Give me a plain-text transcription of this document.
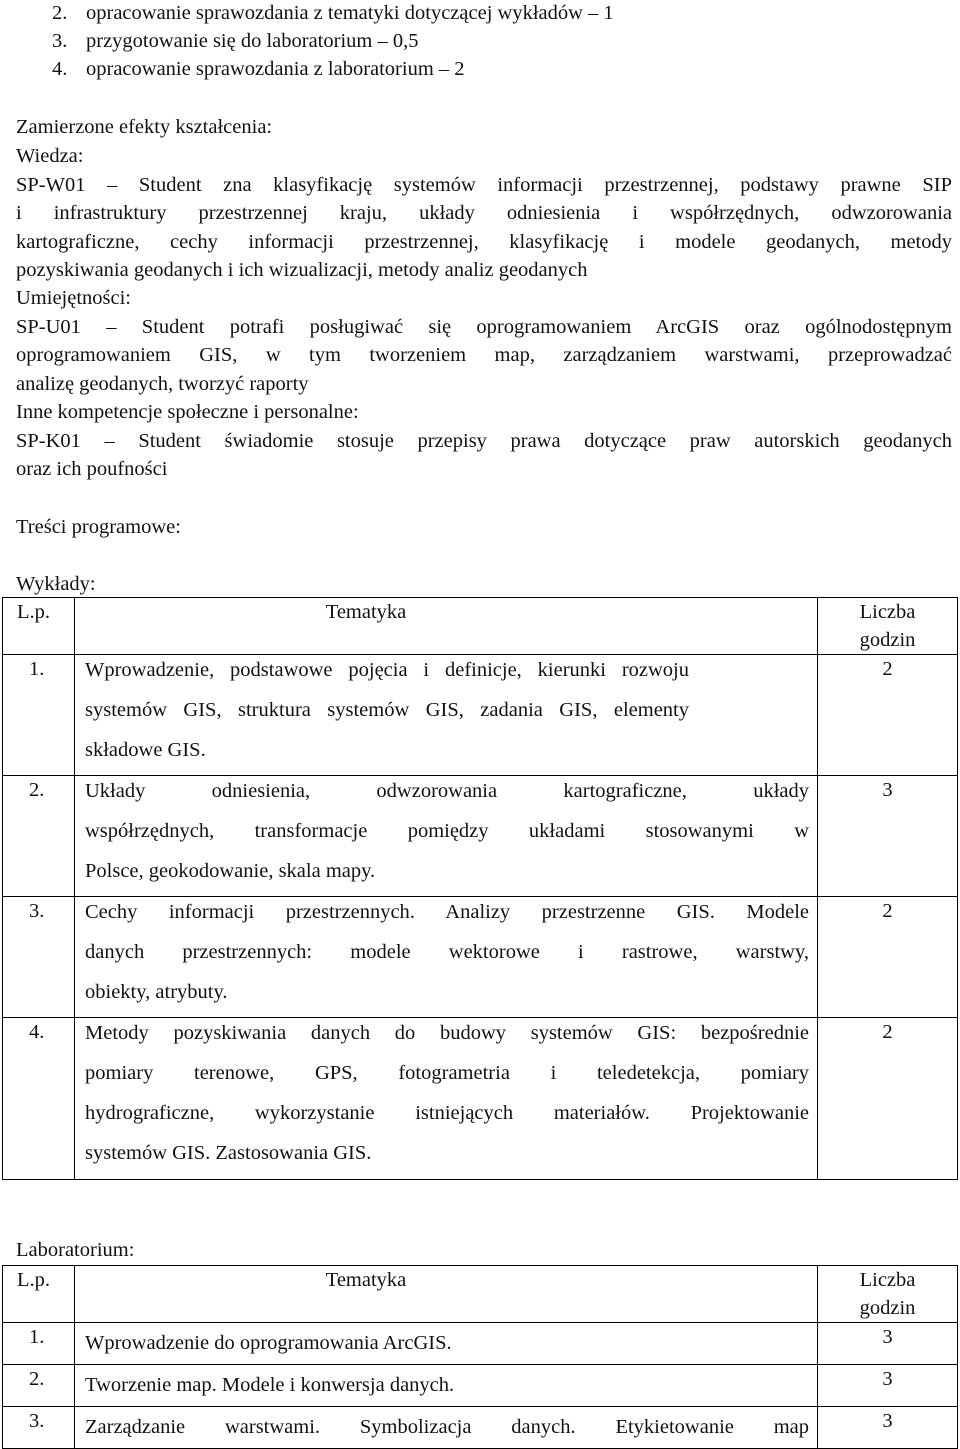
2. opracowanie sprawozdania z tematyki dotyczącej wykładów – 1
3. przygotowanie się do laboratorium – 0,5
4. opracowanie sprawozdania z laboratorium – 2
Zamierzone efekty kształcenia:
Wiedza:
SP-W01 – Student zna klasyfikację systemów informacji przestrzennej, podstawy prawne SIP
i infrastruktury przestrzennej kraju, układy odniesienia i współrzędnych, odwzorowania
kartograficzne, cechy informacji przestrzennej, klasyfikację i modele geodanych, metody
pozyskiwania geodanych i ich wizualizacji, metody analiz geodanych
Umiejętności:
SP-U01 – Student potrafi posługiwać się oprogramowaniem ArcGIS oraz ogólnodostępnym
oprogramowaniem GIS, w tym tworzeniem map, zarządzaniem warstwami, przeprowadzać
analizę geodanych, tworzyć raporty
Inne kompetencje społeczne i personalne:
SP-K01 – Student świadomie stosuje przepisy prawa dotyczące praw autorskich geodanych
oraz ich poufności
Treści programowe:
Wykłady:
L.p.	Tematyka	Liczba
godzin

1.	Wprowadzenie, podstawowe pojęcia i definicje, kierunki rozwoju
systemów GIS, struktura systemów GIS, zadania GIS, elementy
składowe GIS.	2
2.	Układy odniesienia, odwzorowania kartograficzne, układy
współrzędnych, transformacje pomiędzy układami stosowanymi w
Polsce, geokodowanie, skala mapy.	3
3.	Cechy informacji przestrzennych. Analizy przestrzenne GIS. Modele
danych przestrzennych: modele wektorowe i rastrowe, warstwy,
obiekty, atrybuty.	2
4.	Metody pozyskiwania danych do budowy systemów GIS: bezpośrednie
pomiary terenowe, GPS, fotogrametria i teledetekcja, pomiary
hydrograficzne, wykorzystanie istniejących materiałów. Projektowanie
systemów GIS. Zastosowania GIS.	2
Laboratorium:
L.p.	Tematyka	Liczba
godzin

1.	Wprowadzenie do oprogramowania ArcGIS.	3
2.	Tworzenie map. Modele i konwersja danych.	3
3.	Zarządzanie warstwami. Symbolizacja danych. Etykietowanie map	3
